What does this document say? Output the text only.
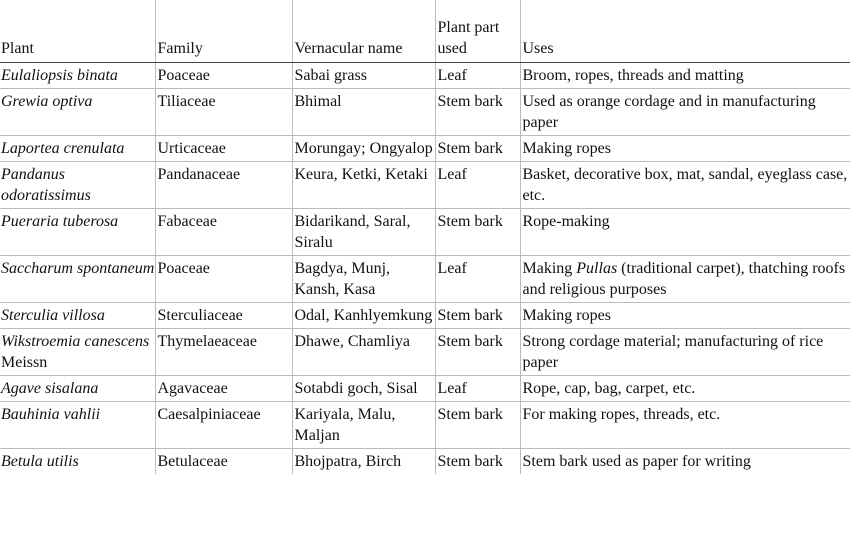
Plant	Family	Vernacular name	Plant part used	Uses
Eulaliopsis binata	Poaceae	Sabai grass	Leaf	Broom, ropes, threads and matting
Grewia optiva	Tiliaceae	Bhimal	Stem bark	Used as orange cordage and in manufacturing paper
Laportea crenulata	Urticaceae	Morungay; Ongyalop	Stem bark	Making ropes
Pandanus odoratissimus	Pandanaceae	Keura, Ketki, Ketaki	Leaf	Basket, decorative box, mat, sandal, eyeglass case, etc.
Pueraria tuberosa	Fabaceae	Bidarikand, Saral, Siralu	Stem bark	Rope-making
Saccharum spontaneum	Poaceae	Bagdya, Munj, Kansh, Kasa	Leaf	Making Pullas (traditional carpet), thatching roofs and religious purposes
Sterculia villosa	Sterculiaceae	Odal, Kanhlyemkung	Stem bark	Making ropes
Wikstroemia canescens Meissn	Thymelaeaceae	Dhawe, Chamliya	Stem bark	Strong cordage material; manufacturing of rice paper
Agave sisalana	Agavaceae	Sotabdi goch, Sisal	Leaf	Rope, cap, bag, carpet, etc.
Bauhinia vahlii	Caesalpiniaceae	Kariyala, Malu, Maljan	Stem bark	For making ropes, threads, etc.
Betula utilis	Betulaceae	Bhojpatra, Birch	Stem bark	Stem bark used as paper for writing
